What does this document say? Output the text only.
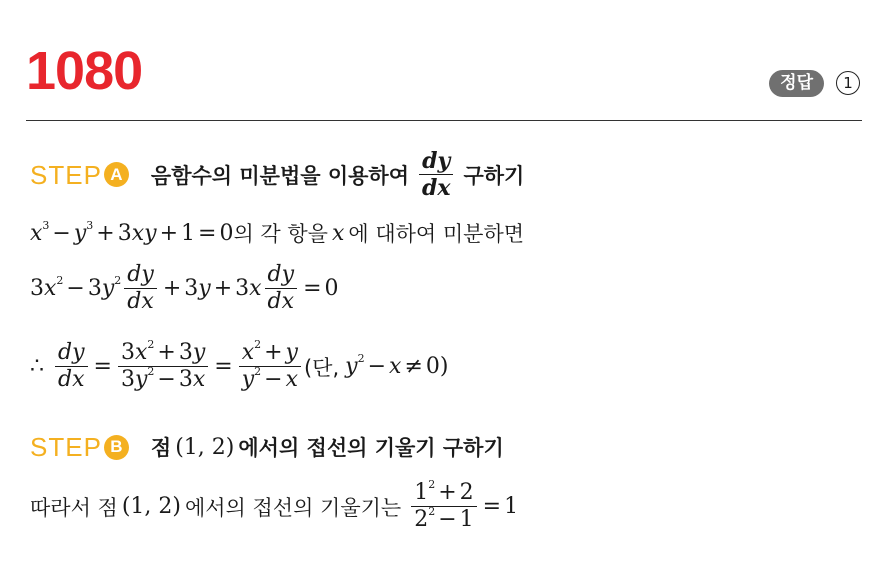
1080	정답	1
STEP A	음함수의 미분법을 이용하여 $\frac{dy}{dx}$ 구하기
$x^3 - y^3 + 3xy + 1 = 0$ 의 각 항을 x 에 대하여 미분하면
$3x^2 - 3y^2 \frac{dy}{dx} + 3y + 3x \frac{dy}{dx} = 0$
∴ $\frac{dy}{dx} = \frac{3x^2 + 3y}{3y^2 - 3x} = \frac{x^2 + y}{y^2 - x}$ (단, $y^2 - x \ne 0$)
STEP B	점 (1, 2) 에서의 접선의 기울기 구하기
따라서 점 (1, 2) 에서의 접선의 기울기는 $\frac{1^2 + 2}{2^2 - 1} = 1$
